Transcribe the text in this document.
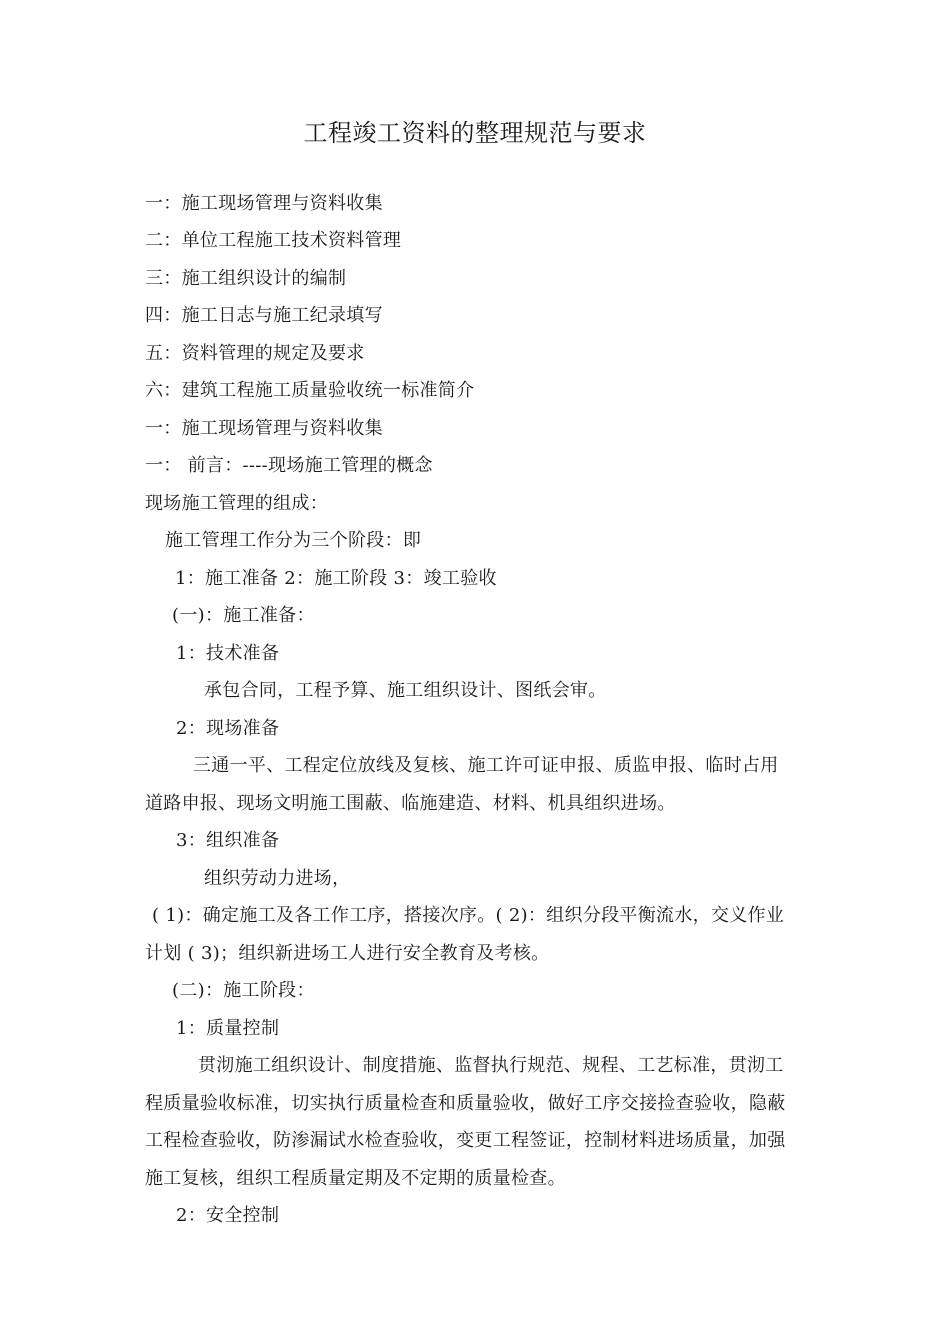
工程竣工资料的整理规范与要求
一：施工现场管理与资料收集
二：单位工程施工技术资料管理
三：施工组织设计的编制
四：施工日志与施工纪录填写
五：资料管理的规定及要求
六：建筑工程施工质量验收统一标准简介
一：施工现场管理与资料收集
一： 前言：----现场施工管理的概念
现场施工管理的组成：
施工管理工作分为三个阶段：即
1：施工准备 2：施工阶段 3：竣工验收
(一)：施工准备：
1：技术准备
承包合同，工程予算、施工组织设计、图纸会审。
2：现场准备
三通一平、工程定位放线及复核、施工许可证申报、质监申报、临时占用
道路申报、现场文明施工围蔽、临施建造、材料、机具组织进场。
3：组织准备
组织劳动力进场，
( 1)：确定施工及各工作工序，搭接次序。( 2)：组织分段平衡流水，交义作业
计划 ( 3)；组织新进场工人进行安全教育及考核。
(二)：施工阶段：
1：质量控制
贯沏施工组织设计、制度措施、监督执行规范、规程、工艺标准，贯沏工
程质量验收标准，切实执行质量检查和质量验收，做好工序交接捡查验收，隐蔽
工程检查验收，防渗漏试水检查验收，变更工程签证，控制材料进场质量，加强
施工复核，组织工程质量定期及不定期的质量检查。
2：安全控制
